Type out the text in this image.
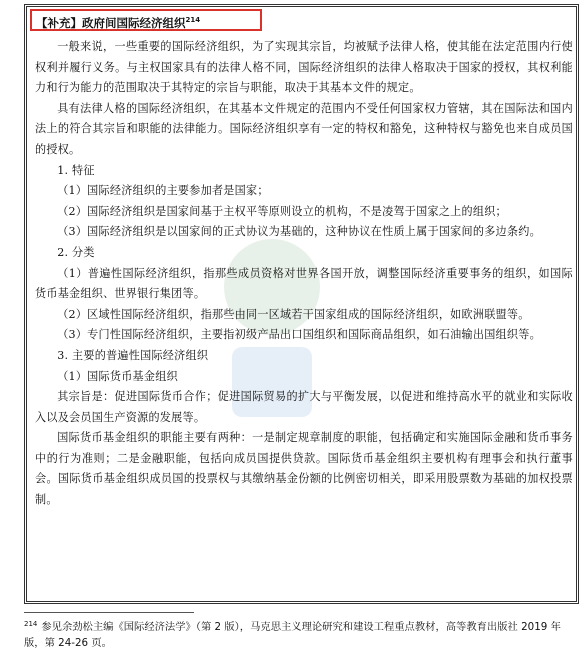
【补充】政府间国际经济组织$^{214}$

一般来说，一些重要的国际经济组织，为了实现其宗旨，均被赋予法律人格，使其能在法定范围内行使权利并履行义务。与主权国家具有的法律人格不同，国际经济组织的法律人格取决于国家的授权，其权利能力和行为能力的范围取决于其特定的宗旨与职能，取决于其基本文件的规定。

具有法律人格的国际经济组织，在其基本文件规定的范围内不受任何国家权力管辖，其在国际法和国内法上的符合其宗旨和职能的法律能力。国际经济组织享有一定的特权和豁免，这种特权与豁免也来自成员国的授权。

1. 特征

（1）国际经济组织的主要参加者是国家；

（2）国际经济组织是国家间基于主权平等原则设立的机构，不是凌驾于国家之上的组织；

（3）国际经济组织是以国家间的正式协议为基础的，这种协议在性质上属于国家间的多边条约。

2. 分类

（1）普遍性国际经济组织，指那些成员资格对世界各国开放，调整国际经济重要事务的组织，如国际货币基金组织、世界银行集团等。

（2）区域性国际经济组织，指那些由同一区域若干国家组成的国际经济组织，如欧洲联盟等。

（3）专门性国际经济组织，主要指初级产品出口国组织和国际商品组织，如石油输出国组织等。

3. 主要的普遍性国际经济组织

（1）国际货币基金组织

其宗旨是：促进国际货币合作；促进国际贸易的扩大与平衡发展，以促进和维持高水平的就业和实际收入以及会员国生产资源的发展等。

国际货币基金组织的职能主要有两种：一是制定规章制度的职能，包括确定和实施国际金融和货币事务中的行为准则；二是金融职能，包括向成员国提供贷款。国际货币基金组织主要机构有理事会和执行董事会。国际货币基金组织成员国的投票权与其缴纳基金份额的比例密切相关，即采用股票数为基础的加权投票制。

$^{214}$ 参见余劲松主编《国际经济法学》（第 2 版），马克思主义理论研究和建设工程重点教材，高等教育出版社 2019 年版，第 24-26 页。
